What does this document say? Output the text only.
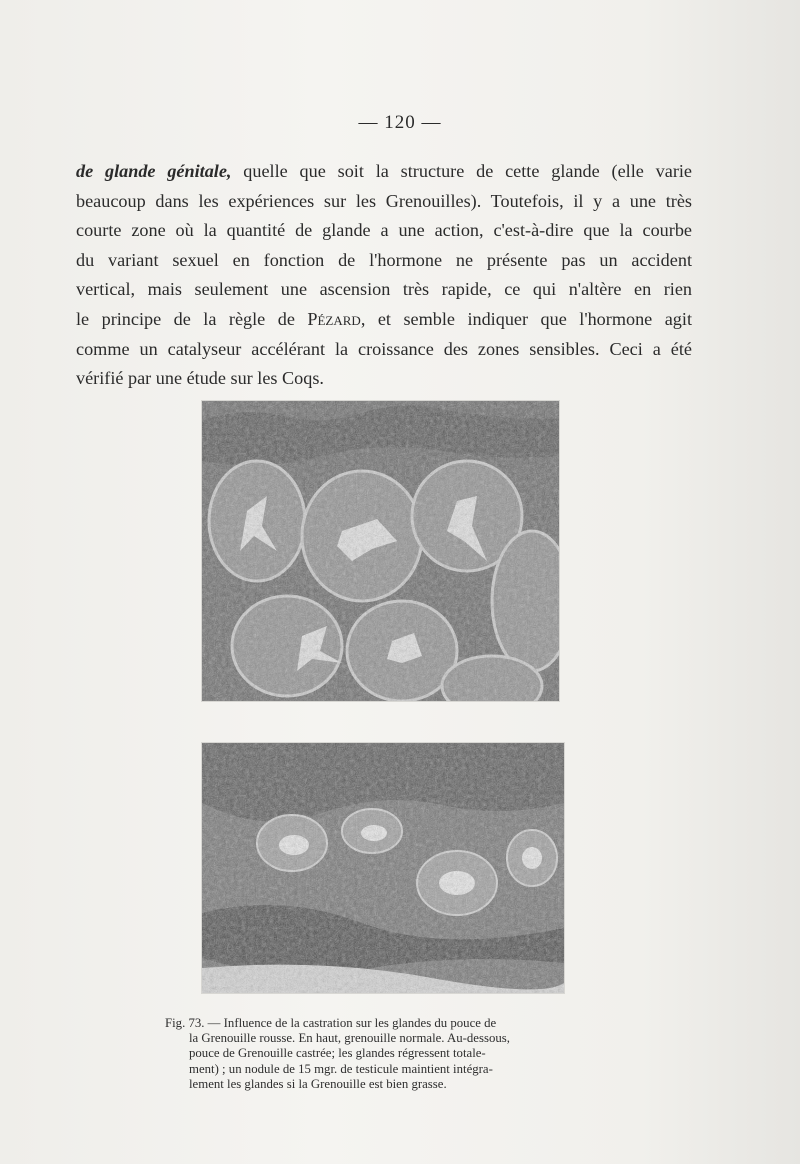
— 120 —
de glande génitale, quelle que soit la structure de cette glande (elle varie
beaucoup dans les expériences sur les Grenouilles). Toutefois, il y a une très
courte zone où la quantité de glande a une action, c'est-à-dire que la courbe
du variant sexuel en fonction de l'hormone ne présente pas un accident
vertical, mais seulement une ascension très rapide, ce qui n'altère en rien
le principe de la règle de Pézard, et semble indiquer que l'hormone agit
comme un catalyseur accélérant la croissance des zones sensibles. Ceci a été
vérifié par une étude sur les Coqs.
Fig. 73. — Influence de la castration sur les glandes du pouce de
la Grenouille rousse. En haut, grenouille normale. Au-dessous,
pouce de Grenouille castrée; les glandes régressent totale-
ment) ; un nodule de 15 mgr. de testicule maintient intégra-
lement les glandes si la Grenouille est bien grasse.
